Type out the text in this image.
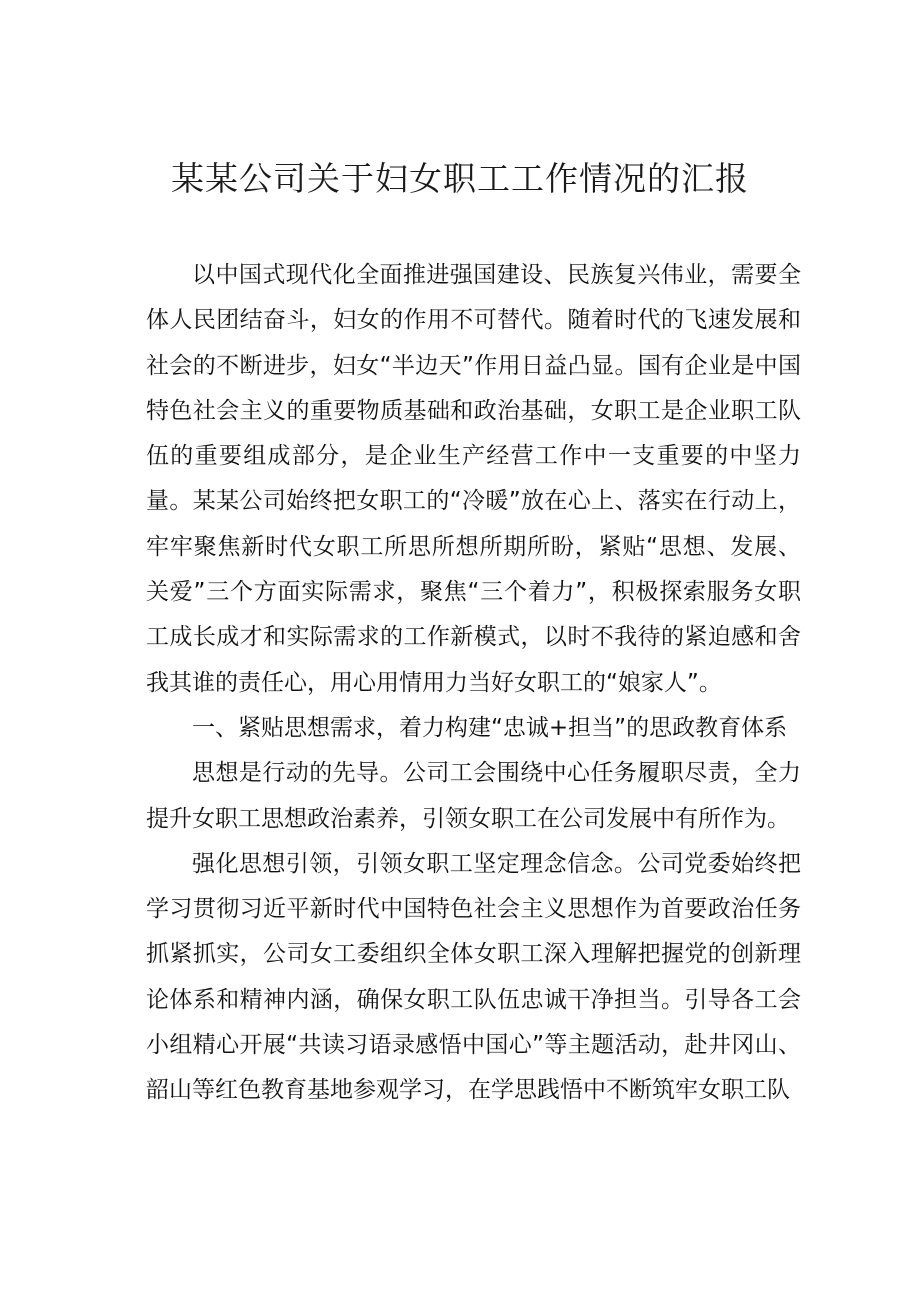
某某公司关于妇女职工工作情况的汇报

以中国式现代化全面推进强国建设、民族复兴伟业，需要全体人民团结奋斗，妇女的作用不可替代。随着时代的飞速发展和社会的不断进步，妇女“半边天”作用日益凸显。国有企业是中国特色社会主义的重要物质基础和政治基础，女职工是企业职工队伍的重要组成部分，是企业生产经营工作中一支重要的中坚力量。某某公司始终把女职工的“冷暖”放在心上、落实在行动上，牢牢聚焦新时代女职工所思所想所期所盼，紧贴“思想、发展、关爱”三个方面实际需求，聚焦“三个着力”，积极探索服务女职工成长成才和实际需求的工作新模式，以时不我待的紧迫感和舍我其谁的责任心，用心用情用力当好女职工的“娘家人”。

一、紧贴思想需求，着力构建“忠诚+担当”的思政教育体系

思想是行动的先导。公司工会围绕中心任务履职尽责，全力提升女职工思想政治素养，引领女职工在公司发展中有所作为。

强化思想引领，引领女职工坚定理念信念。公司党委始终把学习贯彻习近平新时代中国特色社会主义思想作为首要政治任务抓紧抓实，公司女工委组织全体女职工深入理解把握党的创新理论体系和精神内涵，确保女职工队伍忠诚干净担当。引导各工会小组精心开展“共读习语录感悟中国心”等主题活动，赴井冈山、韶山等红色教育基地参观学习，在学思践悟中不断筑牢女职工队
